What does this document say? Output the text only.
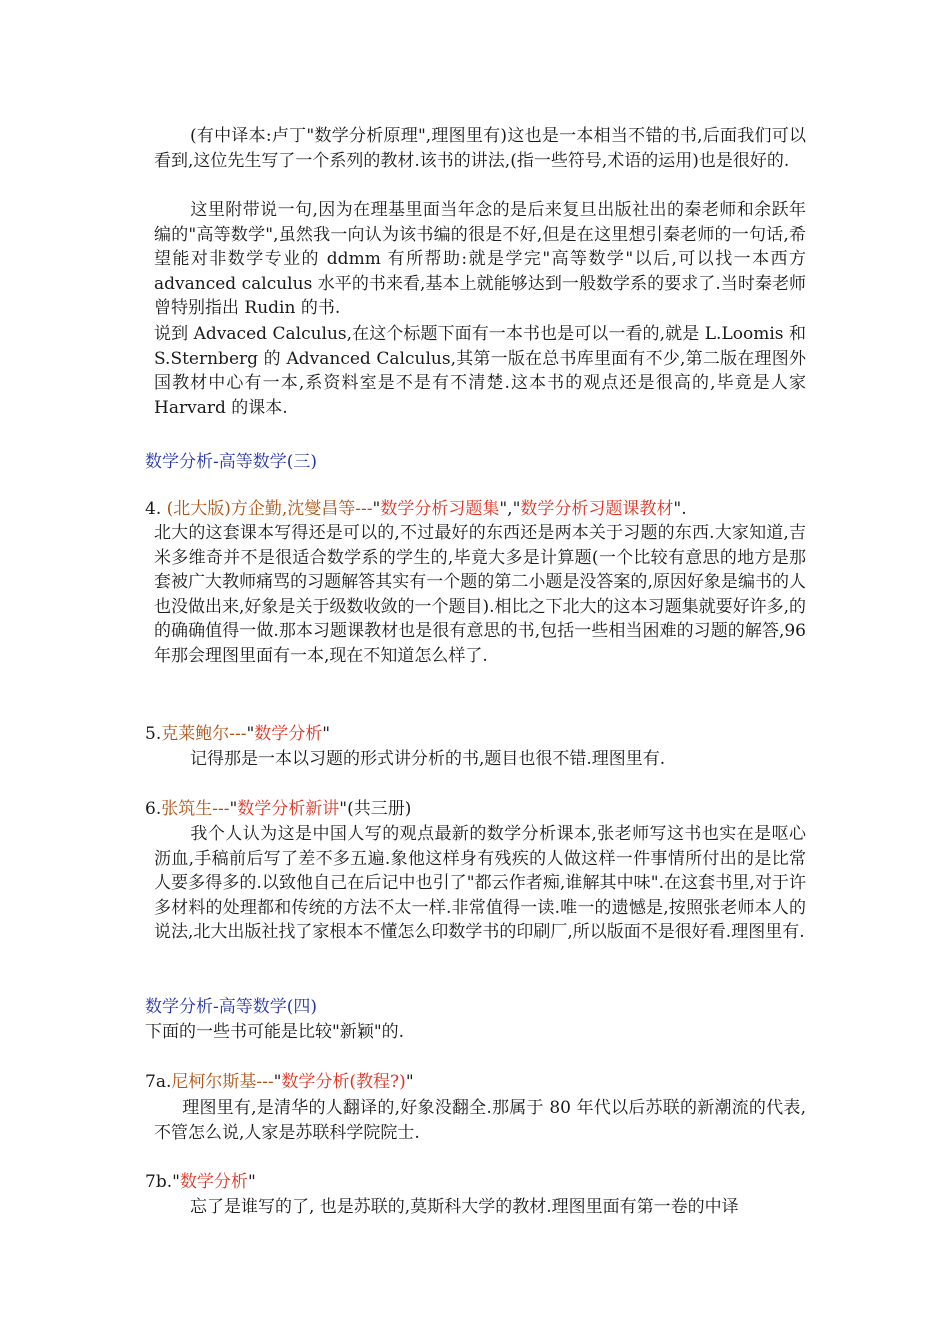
(有中译本:卢丁"数学分析原理",理图里有)这也是一本相当不错的书,后面我们可以看到,这位先生写了一个系列的教材.该书的讲法,(指一些符号,术语的运用)也是很好的.
这里附带说一句,因为在理基里面当年念的是后来复旦出版社出的秦老师和余跃年编的"高等数学",虽然我一向认为该书编的很是不好,但是在这里想引秦老师的一句话,希望能对非数学专业的 ddmm 有所帮助:就是学完"高等数学"以后,可以找一本西方 advanced calculus 水平的书来看,基本上就能够达到一般数学系的要求了.当时秦老师曾特别指出 Rudin 的书.
说到 Advaced Calculus,在这个标题下面有一本书也是可以一看的,就是 L.Loomis 和 S.Sternberg 的 Advanced Calculus,其第一版在总书库里面有不少,第二版在理图外国教材中心有一本,系资料室是不是有不清楚.这本书的观点还是很高的,毕竟是人家 Harvard 的课本.
数学分析-高等数学(三)
4. (北大版)方企勤,沈燮昌等---"数学分析习题集","数学分析习题课教材".
北大的这套课本写得还是可以的,不过最好的东西还是两本关于习题的东西.大家知道,吉米多维奇并不是很适合数学系的学生的,毕竟大多是计算题(一个比较有意思的地方是那套被广大教师痛骂的习题解答其实有一个题的第二小题是没答案的,原因好象是编书的人也没做出来,好象是关于级数收敛的一个题目).相比之下北大的这本习题集就要好许多,的的确确值得一做.那本习题课教材也是很有意思的书,包括一些相当困难的习题的解答,96 年那会理图里面有一本,现在不知道怎么样了.
5.克莱鲍尔---"数学分析"
记得那是一本以习题的形式讲分析的书,题目也很不错.理图里有.
6.张筑生---"数学分析新讲"(共三册)
我个人认为这是中国人写的观点最新的数学分析课本,张老师写这书也实在是呕心沥血,手稿前后写了差不多五遍.象他这样身有残疾的人做这样一件事情所付出的是比常人要多得多的.以致他自己在后记中也引了"都云作者痴,谁解其中味".在这套书里,对于许多材料的处理都和传统的方法不太一样.非常值得一读.唯一的遗憾是,按照张老师本人的说法,北大出版社找了家根本不懂怎么印数学书的印刷厂,所以版面不是很好看.理图里有.
数学分析-高等数学(四)
下面的一些书可能是比较"新颖"的.
7a.尼柯尔斯基---"数学分析(教程?)"
理图里有,是清华的人翻译的,好象没翻全.那属于 80 年代以后苏联的新潮流的代表,不管怎么说,人家是苏联科学院院士.
7b."数学分析"
忘了是谁写的了, 也是苏联的,莫斯科大学的教材.理图里面有第一卷的中译
